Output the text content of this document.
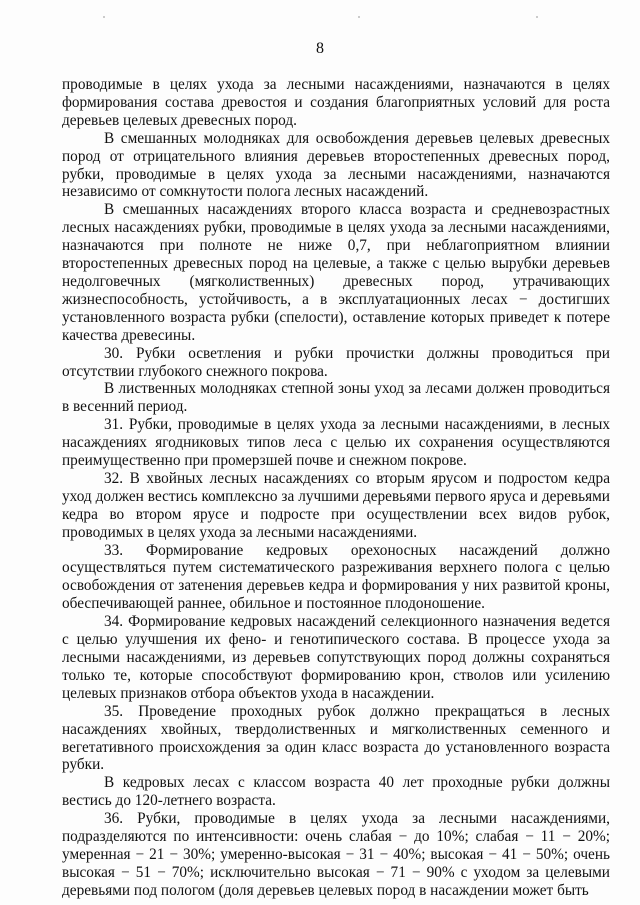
8

проводимые в целях ухода за лесными насаждениями, назначаются в целях формирования состава древостоя и создания благоприятных условий для роста деревьев целевых древесных пород.

В смешанных молодняках для освобождения деревьев целевых древесных пород от отрицательного влияния деревьев второстепенных древесных пород, рубки, проводимые в целях ухода за лесными насаждениями, назначаются независимо от сомкнутости полога лесных насаждений.

В смешанных насаждениях второго класса возраста и средневозрастных лесных насаждениях рубки, проводимые в целях ухода за лесными насаждениями, назначаются при полноте не ниже 0,7, при неблагоприятном влиянии второстепенных древесных пород на целевые, а также с целью вырубки деревьев недолговечных (мягколиственных) древесных пород, утрачивающих жизнеспособность, устойчивость, а в эксплуатационных лесах − достигших установленного возраста рубки (спелости), оставление которых приведет к потере качества древесины.

30. Рубки осветления и рубки прочистки должны проводиться при отсутствии глубокого снежного покрова.

В лиственных молодняках степной зоны уход за лесами должен проводиться в весенний период.

31. Рубки, проводимые в целях ухода за лесными насаждениями, в лесных насаждениях ягодниковых типов леса с целью их сохранения осуществляются преимущественно при промерзшей почве и снежном покрове.

32. В хвойных лесных насаждениях со вторым ярусом и подростом кедра уход должен вестись комплексно за лучшими деревьями первого яруса и деревьями кедра во втором ярусе и подросте при осуществлении всех видов рубок, проводимых в целях ухода за лесными насаждениями.

33. Формирование кедровых орехоносных насаждений должно осуществляться путем систематического разреживания верхнего полога с целью освобождения от затенения деревьев кедра и формирования у них развитой кроны, обеспечивающей раннее, обильное и постоянное плодоношение.

34. Формирование кедровых насаждений селекционного назначения ведется с целью улучшения их фено- и генотипического состава. В процессе ухода за лесными насаждениями, из деревьев сопутствующих пород должны сохраняться только те, которые способствуют формированию крон, стволов или усилению целевых признаков отбора объектов ухода в насаждении.

35. Проведение проходных рубок должно прекращаться в лесных насаждениях хвойных, твердолиственных и мягколиственных семенного и вегетативного происхождения за один класс возраста до установленного возраста рубки.

В кедровых лесах с классом возраста 40 лет проходные рубки должны вестись до 120-летнего возраста.

36. Рубки, проводимые в целях ухода за лесными насаждениями, подразделяются по интенсивности: очень слабая − до 10%; слабая − 11 − 20%; умеренная − 21 − 30%; умеренно-высокая − 31 − 40%; высокая − 41 − 50%; очень высокая − 51 − 70%; исключительно высокая − 71 − 90% с уходом за целевыми деревьями под пологом (доля деревьев целевых пород в насаждении может быть
